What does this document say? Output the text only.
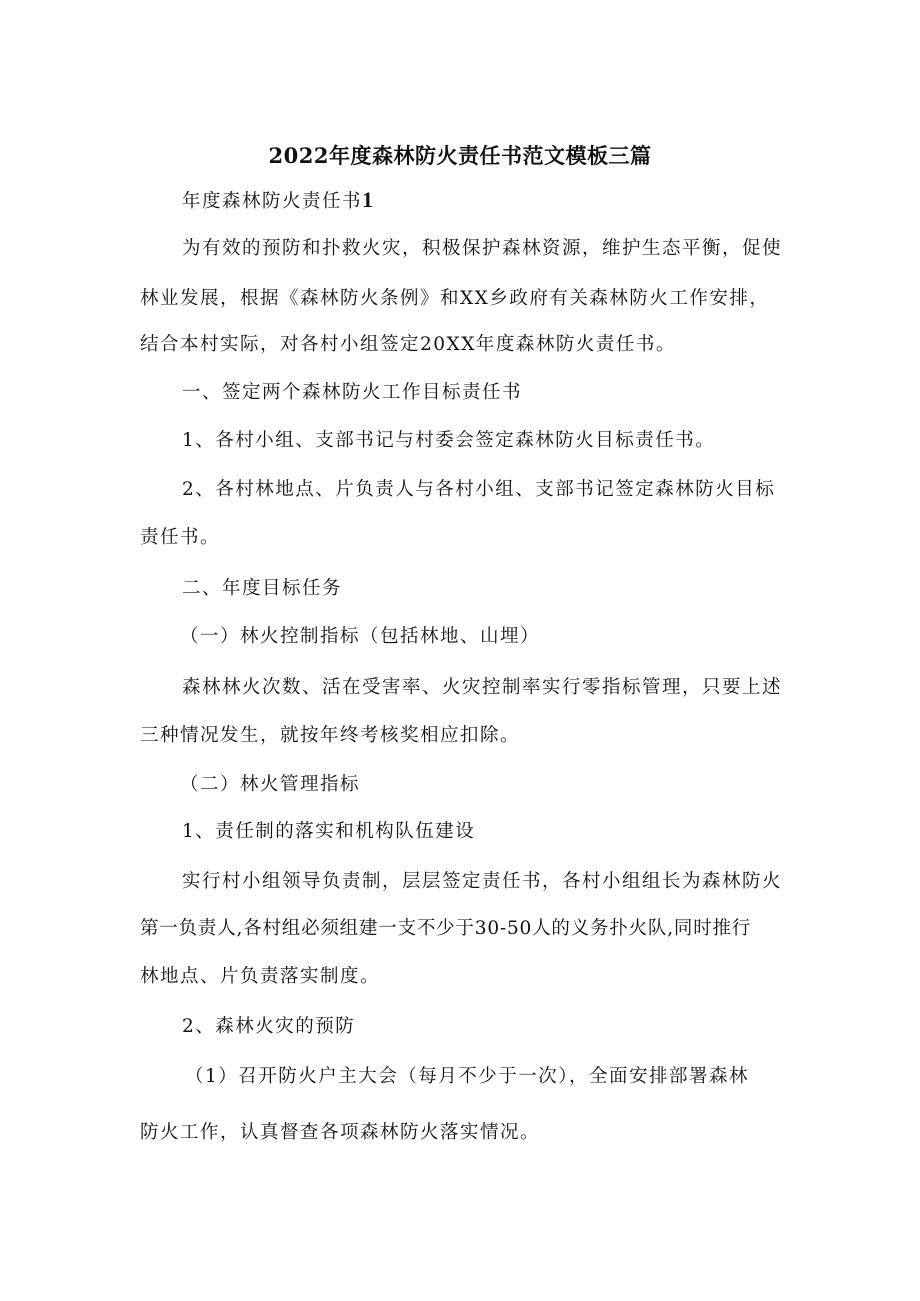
2022年度森林防火责任书范文模板三篇
年度森林防火责任书1
为有效的预防和扑救火灾，积极保护森林资源，维护生态平衡，促使
林业发展，根据《森林防火条例》和XX乡政府有关森林防火工作安排，
结合本村实际，对各村小组签定20XX年度森林防火责任书。
一、签定两个森林防火工作目标责任书
1、各村小组、支部书记与村委会签定森林防火目标责任书。
2、各村林地点、片负责人与各村小组、支部书记签定森林防火目标
责任书。
二、年度目标任务
（一）林火控制指标（包括林地、山埋）
森林林火次数、活在受害率、火灾控制率实行零指标管理，只要上述
三种情况发生，就按年终考核奖相应扣除。
（二）林火管理指标
1、责任制的落实和机构队伍建设
实行村小组领导负责制，层层签定责任书，各村小组组长为森林防火
第一负责人,各村组必须组建一支不少于30-50人的义务扑火队,同时推行
林地点、片负责落实制度。
2、森林火灾的预防
（1）召开防火户主大会（每月不少于一次），全面安排部署森林
防火工作，认真督查各项森林防火落实情况。
